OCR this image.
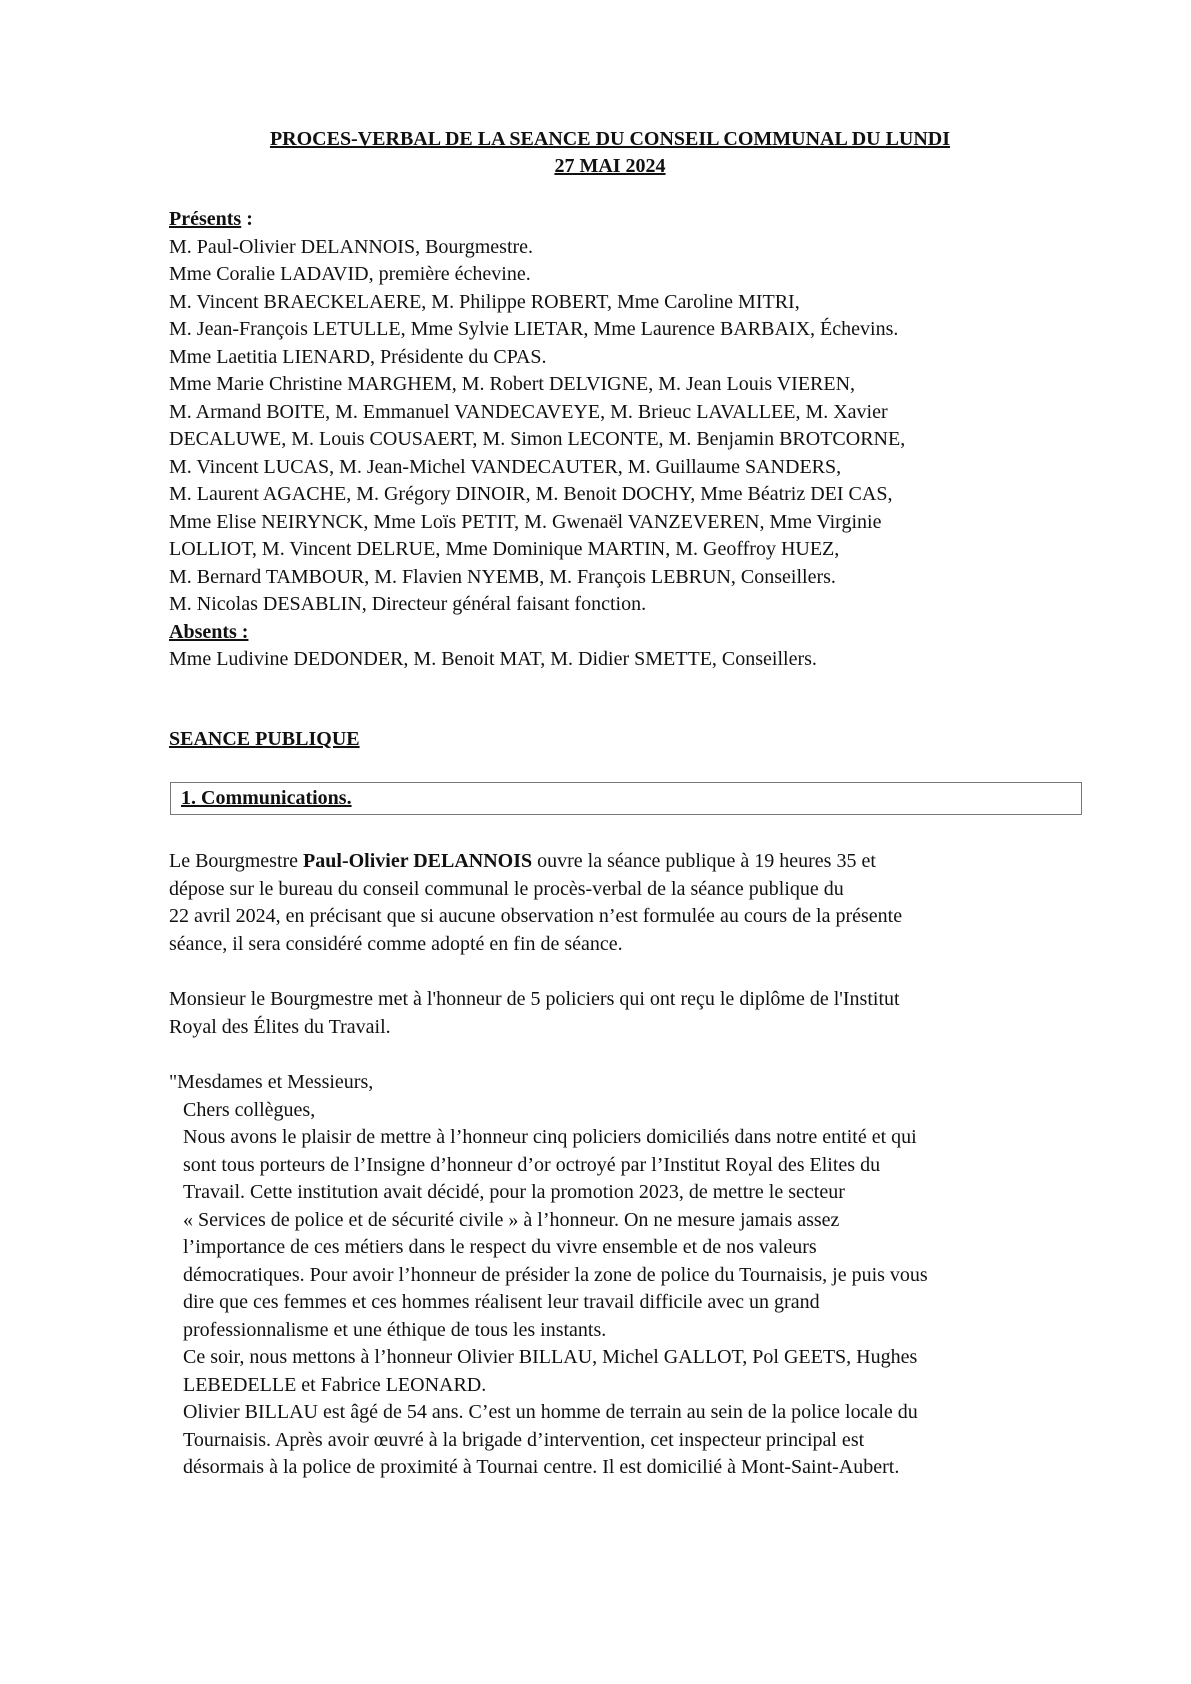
PROCES-VERBAL DE LA SEANCE DU CONSEIL COMMUNAL DU LUNDI
27 MAI 2024

Présents :

M. Paul-Olivier DELANNOIS, Bourgmestre.

Mme Coralie LADAVID, première échevine.

M. Vincent BRAECKELAERE, M. Philippe ROBERT, Mme Caroline MITRI,

M. Jean-François LETULLE, Mme Sylvie LIETAR, Mme Laurence BARBAIX, Échevins.

Mme Laetitia LIENARD, Présidente du CPAS.

Mme Marie Christine MARGHEM, M. Robert DELVIGNE, M. Jean Louis VIEREN,

M. Armand BOITE, M. Emmanuel VANDECAVEYE, M. Brieuc LAVALLEE, M. Xavier

DECALUWE, M. Louis COUSAERT, M. Simon LECONTE, M. Benjamin BROTCORNE,

M. Vincent LUCAS, M. Jean-Michel VANDECAUTER, M. Guillaume SANDERS,

M. Laurent AGACHE, M. Grégory DINOIR, M. Benoit DOCHY, Mme Béatriz DEI CAS,

Mme Elise NEIRYNCK, Mme Loïs PETIT, M. Gwenaël VANZEVEREN, Mme Virginie

LOLLIOT, M. Vincent DELRUE, Mme Dominique MARTIN, M. Geoffroy HUEZ,

M. Bernard TAMBOUR, M. Flavien NYEMB, M. François LEBRUN, Conseillers.

M. Nicolas DESABLIN, Directeur général faisant fonction.

Absents :

Mme Ludivine DEDONDER, M. Benoit MAT, M. Didier SMETTE, Conseillers.

SEANCE PUBLIQUE
1. Communications.

Le Bourgmestre Paul-Olivier DELANNOIS ouvre la séance publique à 19 heures 35 et

dépose sur le bureau du conseil communal le procès-verbal de la séance publique du

22 avril 2024, en précisant que si aucune observation n’est formulée au cours de la présente

séance, il sera considéré comme adopté en fin de séance.

Monsieur le Bourgmestre met à l'honneur de 5 policiers qui ont reçu le diplôme de l'Institut

Royal des Élites du Travail.

"Mesdames et Messieurs,

Chers collègues,

Nous avons le plaisir de mettre à l’honneur cinq policiers domiciliés dans notre entité et qui

sont tous porteurs de l’Insigne d’honneur d’or octroyé par l’Institut Royal des Elites du

Travail. Cette institution avait décidé, pour la promotion 2023, de mettre le secteur

« Services de police et de sécurité civile » à l’honneur. On ne mesure jamais assez

l’importance de ces métiers dans le respect du vivre ensemble et de nos valeurs

démocratiques. Pour avoir l’honneur de présider la zone de police du Tournaisis, je puis vous

dire que ces femmes et ces hommes réalisent leur travail difficile avec un grand

professionnalisme et une éthique de tous les instants.

Ce soir, nous mettons à l’honneur Olivier BILLAU, Michel GALLOT, Pol GEETS, Hughes

LEBEDELLE et Fabrice LEONARD.

Olivier BILLAU est âgé de 54 ans. C’est un homme de terrain au sein de la police locale du

Tournaisis. Après avoir œuvré à la brigade d’intervention, cet inspecteur principal est

désormais à la police de proximité à Tournai centre. Il est domicilié à Mont-Saint-Aubert.
